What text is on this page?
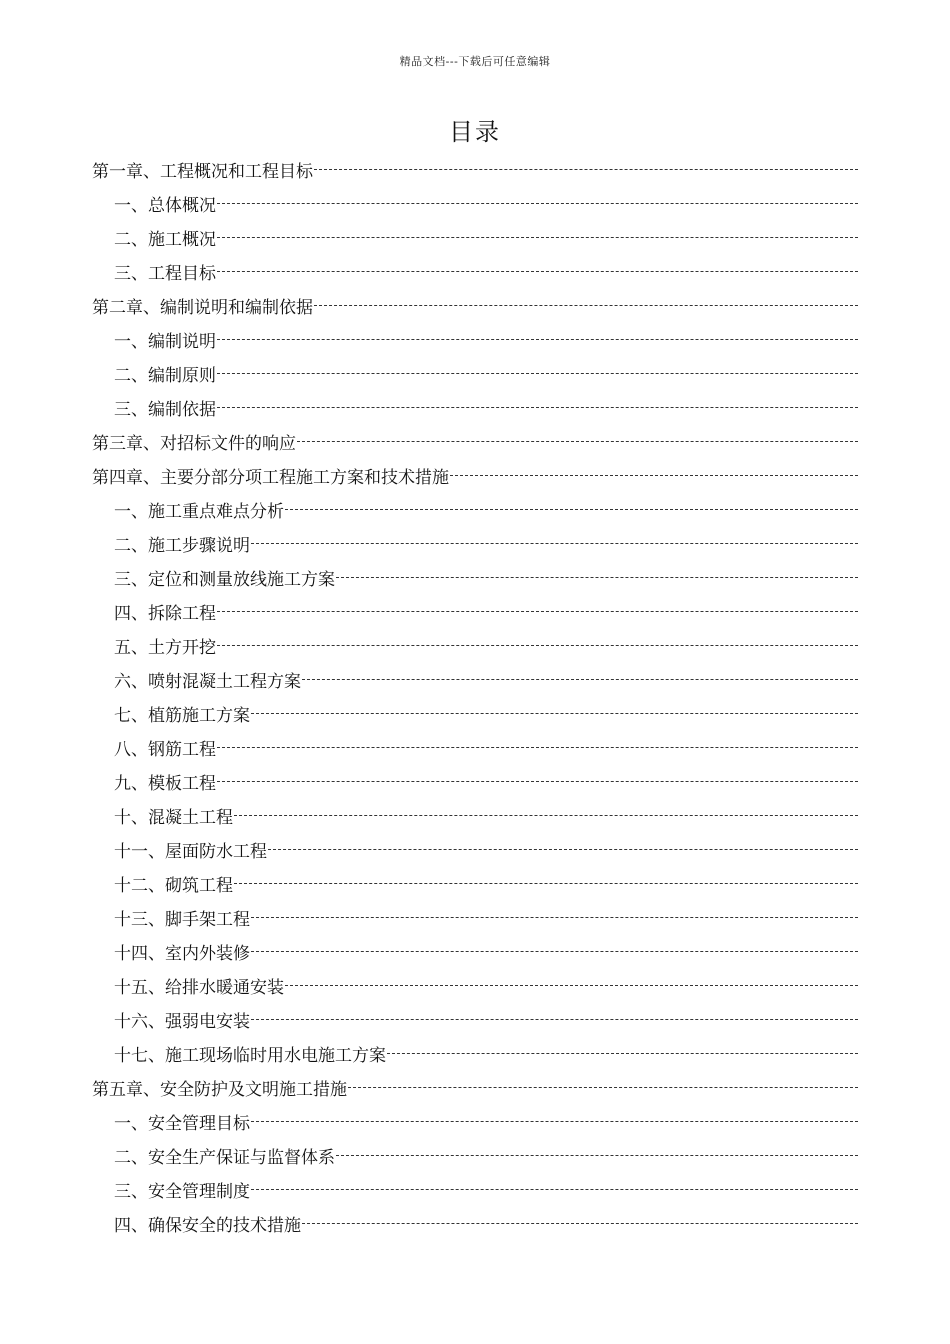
精品文档---下载后可任意编辑
目录
第一章、工程概况和工程目标
一、总体概况
二、施工概况
三、工程目标
第二章、编制说明和编制依据
一、编制说明
二、编制原则
三、编制依据
第三章、对招标文件的响应
第四章、主要分部分项工程施工方案和技术措施
一、施工重点难点分析
二、施工步骤说明
三、定位和测量放线施工方案
四、拆除工程
五、土方开挖
六、喷射混凝土工程方案
七、植筋施工方案
八、钢筋工程
九、模板工程
十、混凝土工程
十一、屋面防水工程
十二、砌筑工程
十三、脚手架工程
十四、室内外装修
十五、给排水暖通安装
十六、强弱电安装
十七、施工现场临时用水电施工方案
第五章、安全防护及文明施工措施
一、安全管理目标
二、安全生产保证与监督体系
三、安全管理制度
四、确保安全的技术措施
